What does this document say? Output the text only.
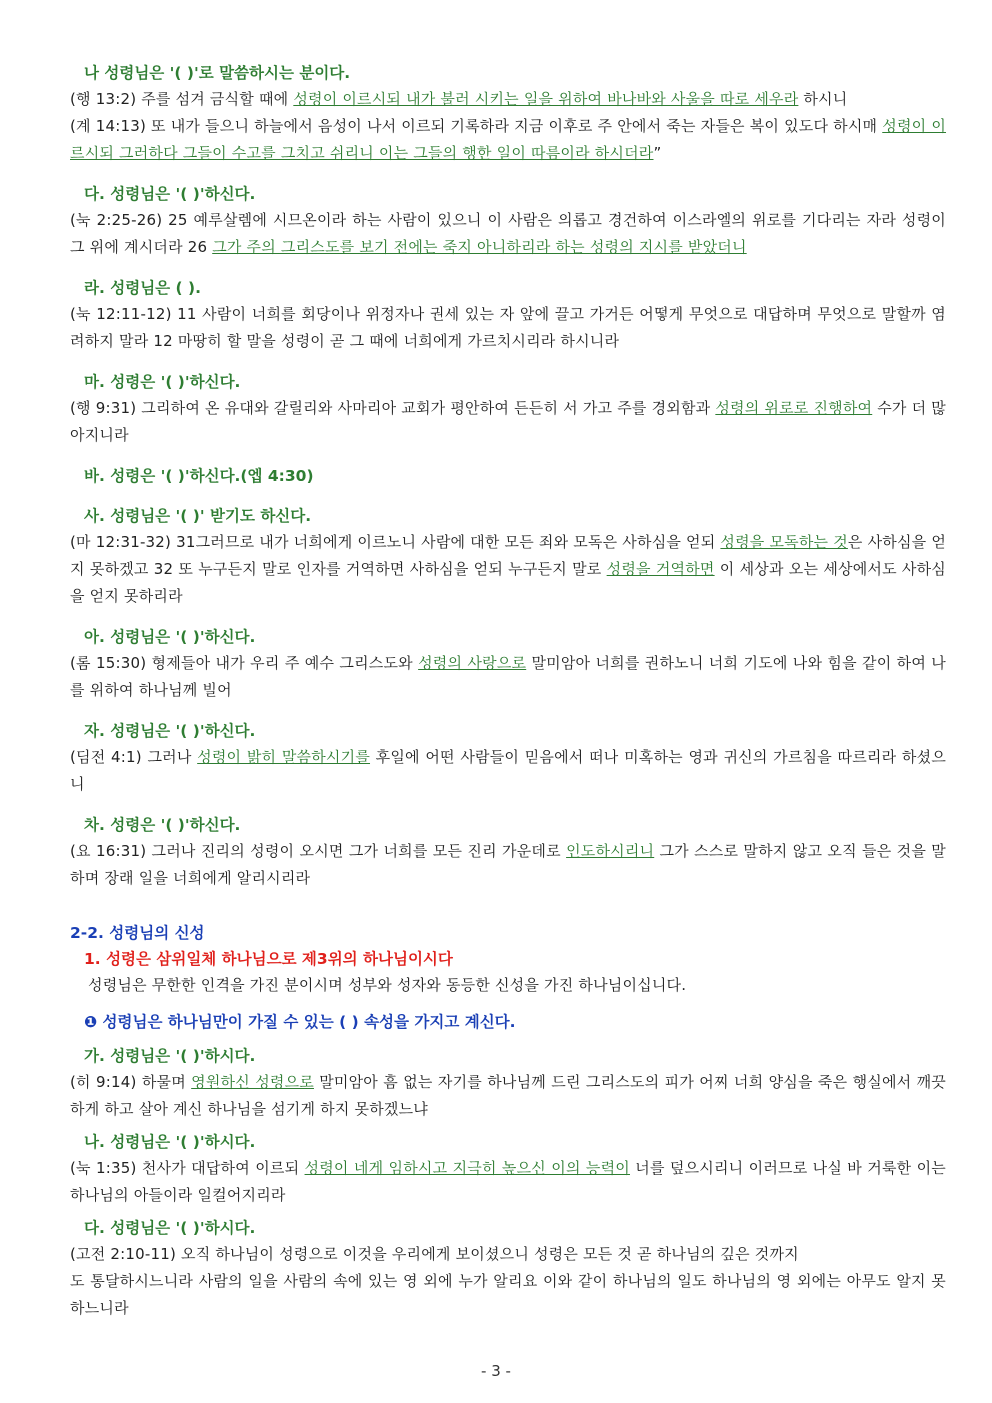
나 성령님은 '( )'로 말씀하시는 분이다.

(행 13:2) 주를 섬겨 금식할 때에 성령이 이르시되 내가 불러 시키는 일을 위하여 바나바와 사울을 따로 세우라 하시니

(계 14:13) 또 내가 들으니 하늘에서 음성이 나서 이르되 기록하라 지금 이후로 주 안에서 죽는 자들은 복이 있도다 하시매 성령이 이르시되 그러하다 그들이 수고를 그치고 쉬리니 이는 그들의 행한 일이 따름이라 하시더라”

다. 성령님은 '( )'하신다.

(눅 2:25-26) 25 예루살렘에 시므온이라 하는 사람이 있으니 이 사람은 의롭고 경건하여 이스라엘의 위로를 기다리는 자라 성령이 그 위에 계시더라 26 그가 주의 그리스도를 보기 전에는 죽지 아니하리라 하는 성령의 지시를 받았더니

라. 성령님은 ( ).

(눅 12:11-12) 11 사람이 너희를 회당이나 위정자나 권세 있는 자 앞에 끌고 가거든 어떻게 무엇으로 대답하며 무엇으로 말할까 염려하지 말라 12 마땅히 할 말을 성령이 곧 그 때에 너희에게 가르치시리라 하시니라

마. 성령은 '( )'하신다.

(행 9:31) 그리하여 온 유대와 갈릴리와 사마리아 교회가 평안하여 든든히 서 가고 주를 경외함과 성령의 위로로 진행하여 수가 더 많아지니라

바. 성령은 '( )'하신다.(엡 4:30)

사. 성령님은 '( )' 받기도 하신다.

(마 12:31-32) 31그러므로 내가 너희에게 이르노니 사람에 대한 모든 죄와 모독은 사하심을 얻되 성령을 모독하는 것은 사하심을 얻지 못하겠고 32 또 누구든지 말로 인자를 거역하면 사하심을 얻되 누구든지 말로 성령을 거역하면 이 세상과 오는 세상에서도 사하심을 얻지 못하리라

아. 성령님은 '( )'하신다.

(롬 15:30) 형제들아 내가 우리 주 예수 그리스도와 성령의 사랑으로 말미암아 너희를 권하노니 너희 기도에 나와 힘을 같이 하여 나를 위하여 하나님께 빌어

자. 성령님은 '( )'하신다.

(딤전 4:1) 그러나 성령이 밝히 말씀하시기를 후일에 어떤 사람들이 믿음에서 떠나 미혹하는 영과 귀신의 가르침을 따르리라 하셨으니

차. 성령은 '( )'하신다.

(요 16:31) 그러나 진리의 성령이 오시면 그가 너희를 모든 진리 가운데로 인도하시리니 그가 스스로 말하지 않고 오직 들은 것을 말하며 장래 일을 너희에게 알리시리라

2-2. 성령님의 신성

1. 성령은 삼위일체 하나님으로 제3위의 하나님이시다

성령님은 무한한 인격을 가진 분이시며 성부와 성자와 동등한 신성을 가진 하나님이십니다.

❶ 성령님은 하나님만이 가질 수 있는 ( ) 속성을 가지고 계신다.

가. 성령님은 '( )'하시다.

(히 9:14) 하물며 영원하신 성령으로 말미암아 흠 없는 자기를 하나님께 드린 그리스도의 피가 어찌 너희 양심을 죽은 행실에서 깨끗하게 하고 살아 계신 하나님을 섬기게 하지 못하겠느냐

나. 성령님은 '( )'하시다.

(눅 1:35) 천사가 대답하여 이르되 성령이 네게 임하시고 지극히 높으신 이의 능력이 너를 덮으시리니 이러므로 나실 바 거룩한 이는 하나님의 아들이라 일컬어지리라

다. 성령님은 '( )'하시다.

(고전 2:10-11) 오직 하나님이 성령으로 이것을 우리에게 보이셨으니 성령은 모든 것 곧 하나님의 깊은 것까지

도 통달하시느니라 사람의 일을 사람의 속에 있는 영 외에 누가 알리요 이와 같이 하나님의 일도 하나님의 영 외에는 아무도 알지 못하느니라

- 3 -
